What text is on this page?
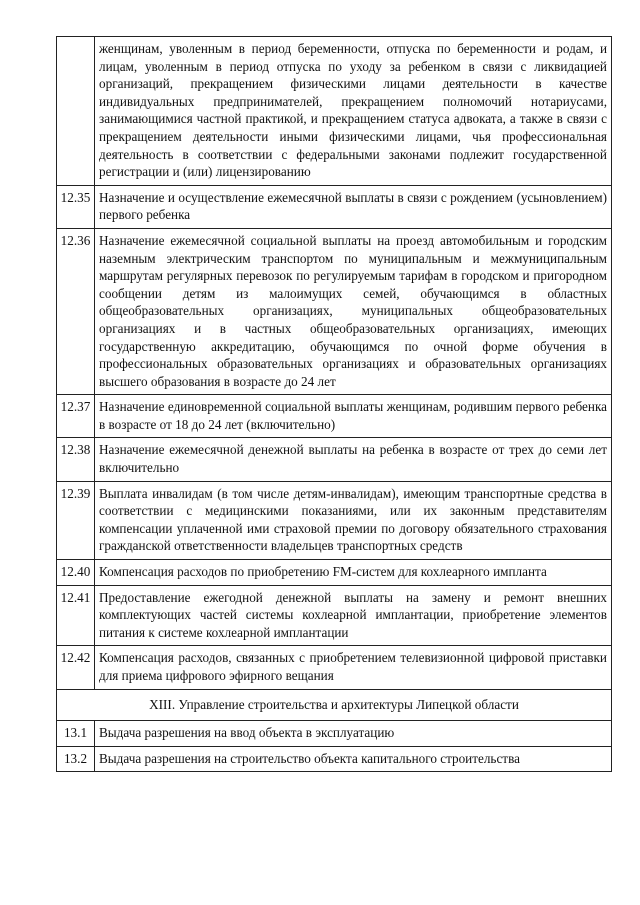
	женщинам, уволенным в период беременности, отпуска по беременности и родам, и лицам, уволенным в период отпуска по уходу за ребенком в связи с ликвидацией организаций, прекращением физическими лицами деятельности в качестве индивидуальных предпринимателей, прекращением полномочий нотариусами, занимающимися частной практикой, и прекращением статуса адвоката, а также в связи с прекращением деятельности иными физическими лицами, чья профессиональная деятельность в соответствии с федеральными законами подлежит государственной регистрации и (или) лицензированию
12.35	Назначение и осуществление ежемесячной выплаты в связи с рождением (усыновлением) первого ребенка
12.36	Назначение ежемесячной социальной выплаты на проезд автомобильным и городским наземным электрическим транспортом по муниципальным и межмуниципальным маршрутам регулярных перевозок по регулируемым тарифам в городском и пригородном сообщении детям из малоимущих семей, обучающимся в областных общеобразовательных организациях, муниципальных общеобразовательных организациях и в частных общеобразовательных организациях, имеющих государственную аккредитацию, обучающимся по очной форме обучения в профессиональных образовательных организациях и образовательных организациях высшего образования в возрасте до 24 лет
12.37	Назначение единовременной социальной выплаты женщинам, родившим первого ребенка в возрасте от 18 до 24 лет (включительно)
12.38	Назначение ежемесячной денежной выплаты на ребенка в возрасте от трех до семи лет включительно
12.39	Выплата инвалидам (в том числе детям-инвалидам), имеющим транспортные средства в соответствии с медицинскими показаниями, или их законным представителям компенсации уплаченной ими страховой премии по договору обязательного страхования гражданской ответственности владельцев транспортных средств
12.40	Компенсация расходов по приобретению FM-систем для кохлеарного импланта
12.41	Предоставление ежегодной денежной выплаты на замену и ремонт внешних комплектующих частей системы кохлеарной имплантации, приобретение элементов питания к системе кохлеарной имплантации
12.42	Компенсация расходов, связанных с приобретением телевизионной цифровой приставки для приема цифрового эфирного вещания
XIII. Управление строительства и архитектуры Липецкой области	
13.1	Выдача разрешения на ввод объекта в эксплуатацию
13.2	Выдача разрешения на строительство объекта капитального строительства
